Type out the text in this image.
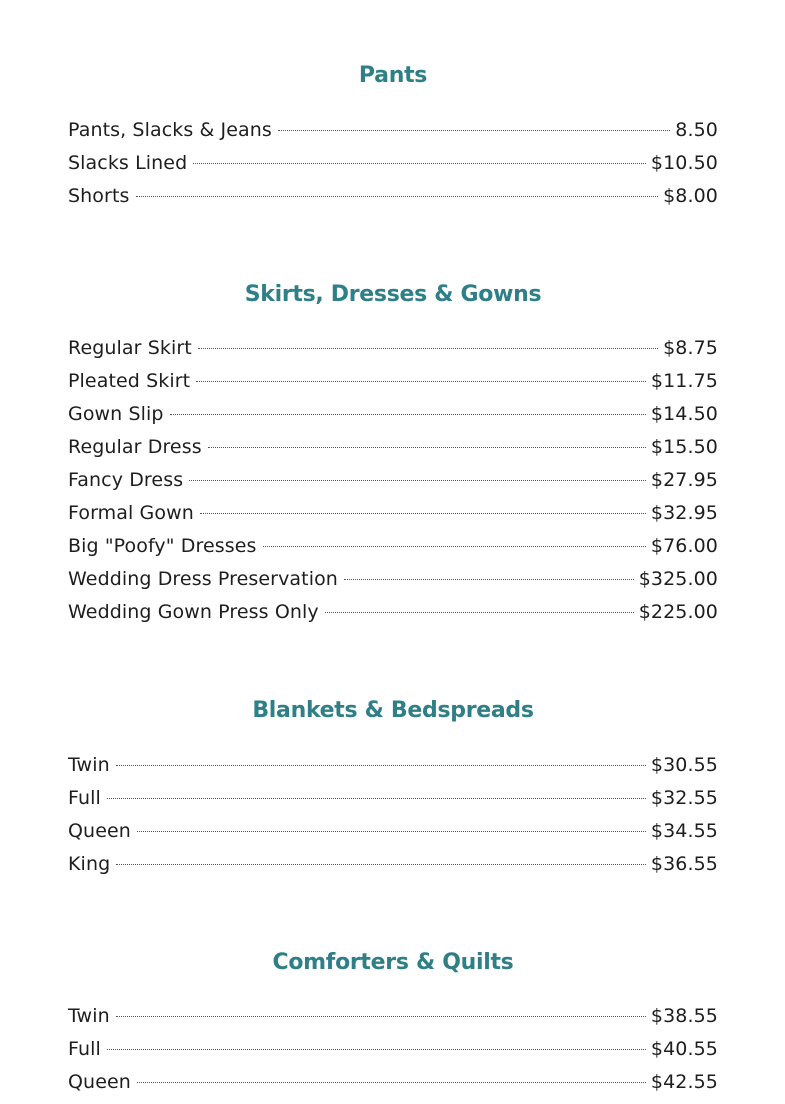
Pants
Pants, Slacks & Jeans	8.50
Slacks Lined	$10.50
Shorts	$8.00
Skirts, Dresses & Gowns
Regular Skirt	$8.75
Pleated Skirt	$11.75
Gown Slip	$14.50
Regular Dress	$15.50
Fancy Dress	$27.95
Formal Gown	$32.95
Big "Poofy" Dresses	$76.00
Wedding Dress Preservation	$325.00
Wedding Gown Press Only	$225.00
Blankets & Bedspreads
Twin	$30.55
Full	$32.55
Queen	$34.55
King	$36.55
Comforters & Quilts
Twin	$38.55
Full	$40.55
Queen	$42.55
